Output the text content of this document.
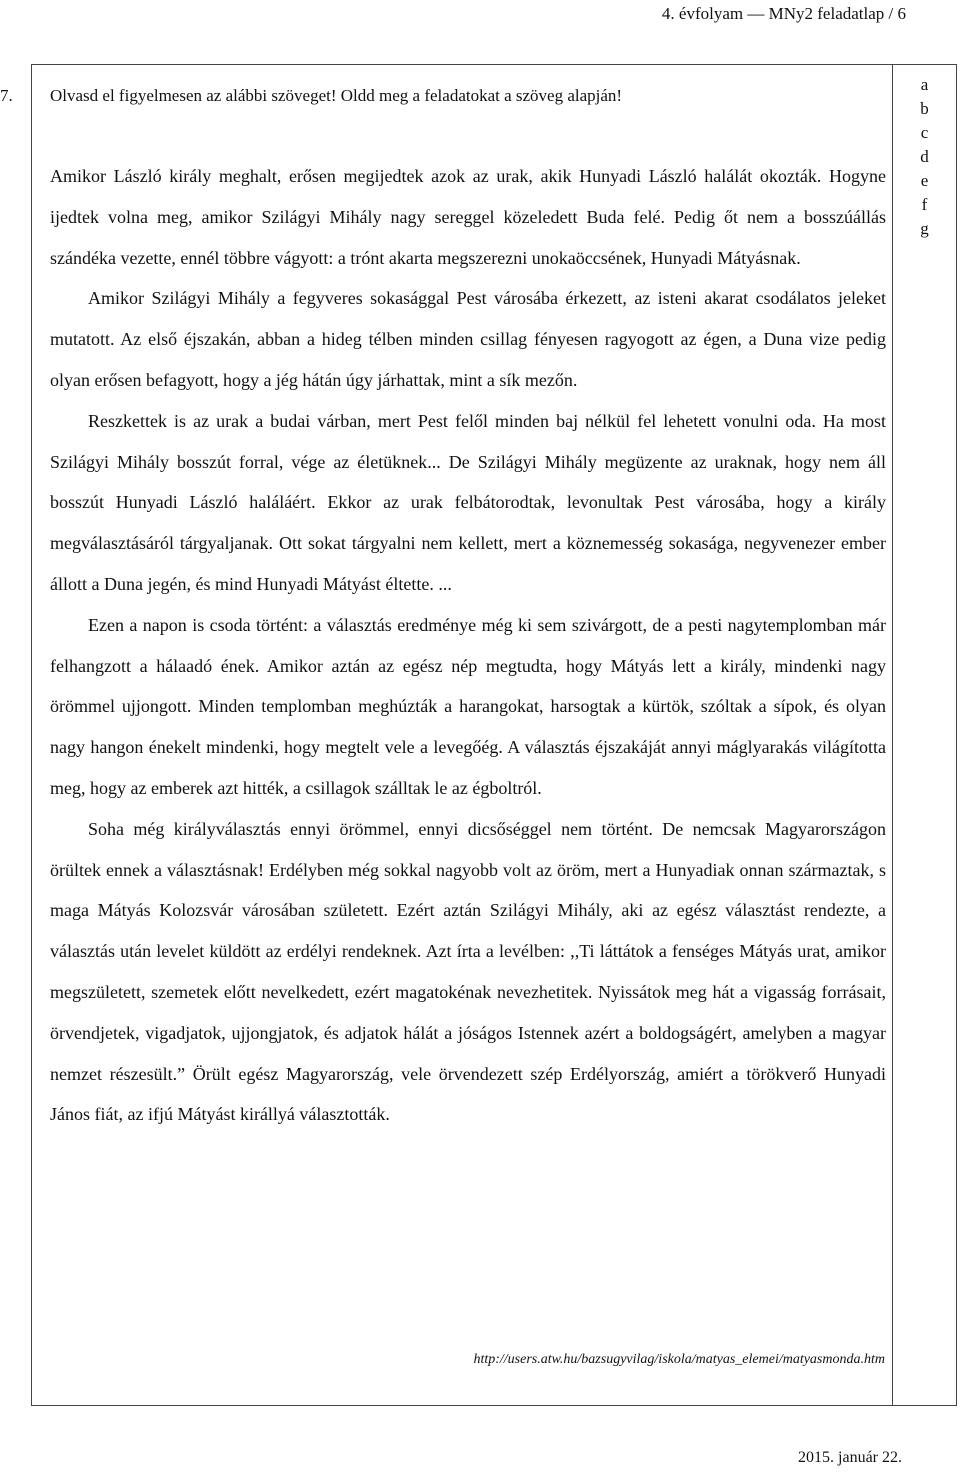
4. évfolyam — MNy2 feladatlap / 6
7.
a
b
c
d
e
f
g
Olvasd el figyelmesen az alábbi szöveget! Oldd meg a feladatokat a szöveg alapján!

Amikor László király meghalt, erősen megijedtek azok az urak, akik Hunyadi László halálát okozták. Hogyne ijedtek volna meg, amikor Szilágyi Mihály nagy sereggel közeledett Buda felé. Pedig őt nem a bosszúállás szándéka vezette, ennél többre vágyott: a trónt akarta megszerezni unokaöccsének, Hunyadi Mátyásnak.

Amikor Szilágyi Mihály a fegyveres sokasággal Pest városába érkezett, az isteni akarat csodálatos jeleket mutatott. Az első éjszakán, abban a hideg télben minden csillag fényesen ragyogott az égen, a Duna vize pedig olyan erősen befagyott, hogy a jég hátán úgy járhattak, mint a sík mezőn.

Reszkettek is az urak a budai várban, mert Pest felől minden baj nélkül fel lehetett vonulni oda. Ha most Szilágyi Mihály bosszút forral, vége az életüknek... De Szilágyi Mihály megüzente az uraknak, hogy nem áll bosszút Hunyadi László haláláért. Ekkor az urak felbátorodtak, levonultak Pest városába, hogy a király megválasztásáról tárgyaljanak. Ott sokat tárgyalni nem kellett, mert a köznemesség sokasága, negyvenezer ember állott a Duna jegén, és mind Hunyadi Mátyást éltette. ...

Ezen a napon is csoda történt: a választás eredménye még ki sem szivárgott, de a pesti nagytemplomban már felhangzott a hálaadó ének. Amikor aztán az egész nép megtudta, hogy Mátyás lett a király, mindenki nagy örömmel ujjongott. Minden templomban meghúzták a harangokat, harsogtak a kürtök, szóltak a sípok, és olyan nagy hangon énekelt mindenki, hogy megtelt vele a levegőég. A választás éjszakáját annyi máglyarakás világította meg, hogy az emberek azt hitték, a csillagok szálltak le az égboltról.

Soha még királyválasztás ennyi örömmel, ennyi dicsőséggel nem történt. De nemcsak Magyarországon örültek ennek a választásnak! Erdélyben még sokkal nagyobb volt az öröm, mert a Hunyadiak onnan származtak, s maga Mátyás Kolozsvár városában született. Ezért aztán Szilágyi Mihály, aki az egész választást rendezte, a választás után levelet küldött az erdélyi rendeknek. Azt írta a levélben: ,,Ti láttátok a fenséges Mátyás urat, amikor megszületett, szemetek előtt nevelkedett, ezért magatokénak nevezhetitek. Nyissátok meg hát a vigasság forrásait, örvendjetek, vigadjatok, ujjongjatok, és adjatok hálát a jóságos Istennek azért a boldogságért, amelyben a magyar nemzet részesült.” Örült egész Magyarország, vele örvendezett szép Erdélyország, amiért a törökverő Hunyadi János fiát, az ifjú Mátyást királlyá választották.

http://users.atw.hu/bazsugyvilag/iskola/matyas_elemei/matyasmonda.htm
2015. január 22.
